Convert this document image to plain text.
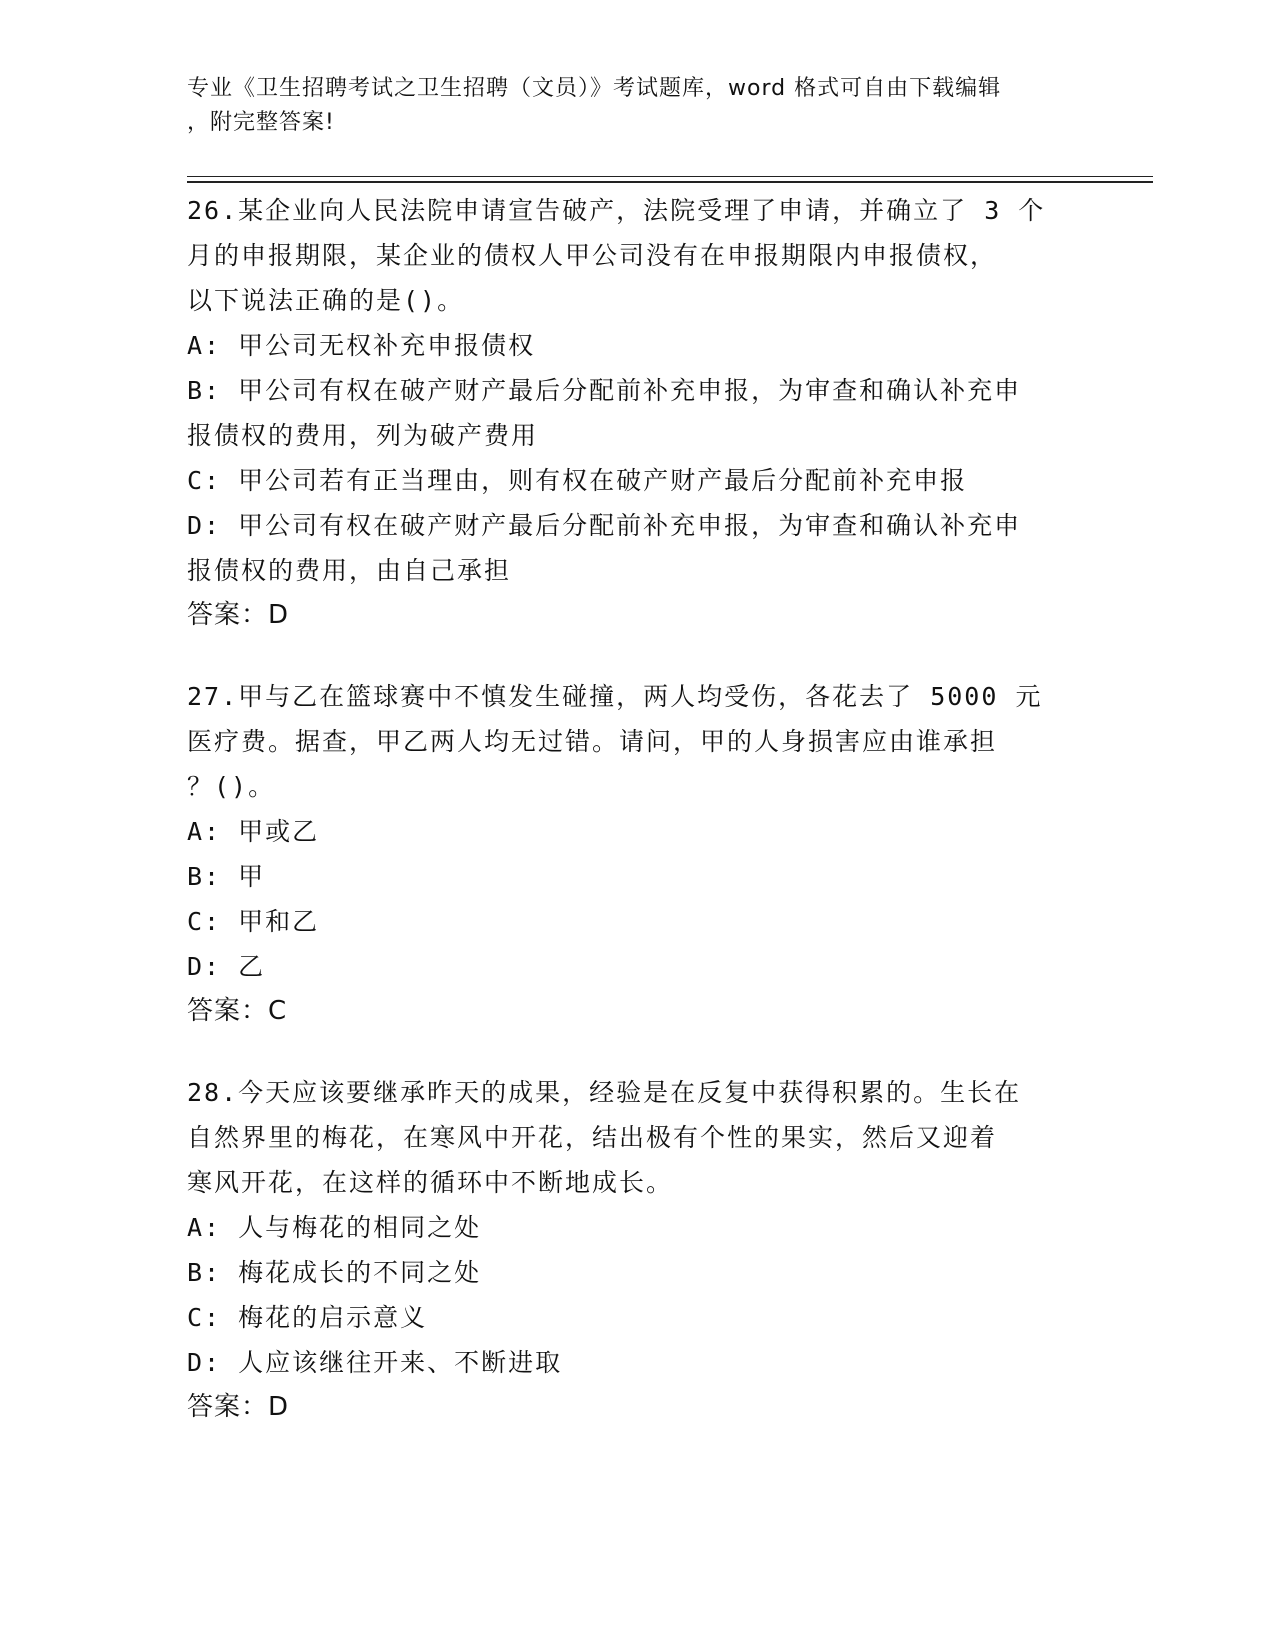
专业《卫生招聘考试之卫生招聘（文员）》考试题库，word 格式可自由下载编辑
，附完整答案!

26.某企业向人民法院申请宣告破产，法院受理了申请，并确立了 3 个

月的申报期限，某企业的债权人甲公司没有在申报期限内申报债权，

以下说法正确的是()。

A: 甲公司无权补充申报债权

B: 甲公司有权在破产财产最后分配前补充申报，为审查和确认补充申

报债权的费用，列为破产费用

C: 甲公司若有正当理由，则有权在破产财产最后分配前补充申报

D: 甲公司有权在破产财产最后分配前补充申报，为审查和确认补充申

报债权的费用，由自己承担

答案：D

27.甲与乙在篮球赛中不慎发生碰撞，两人均受伤，各花去了 5000 元

医疗费。据查，甲乙两人均无过错。请问，甲的人身损害应由谁承担

？()。

A: 甲或乙

B: 甲

C: 甲和乙

D: 乙

答案：C

28.今天应该要继承昨天的成果，经验是在反复中获得积累的。生长在

自然界里的梅花，在寒风中开花，结出极有个性的果实，然后又迎着

寒风开花，在这样的循环中不断地成长。

A: 人与梅花的相同之处

B: 梅花成长的不同之处

C: 梅花的启示意义

D: 人应该继往开来、不断进取

答案：D
